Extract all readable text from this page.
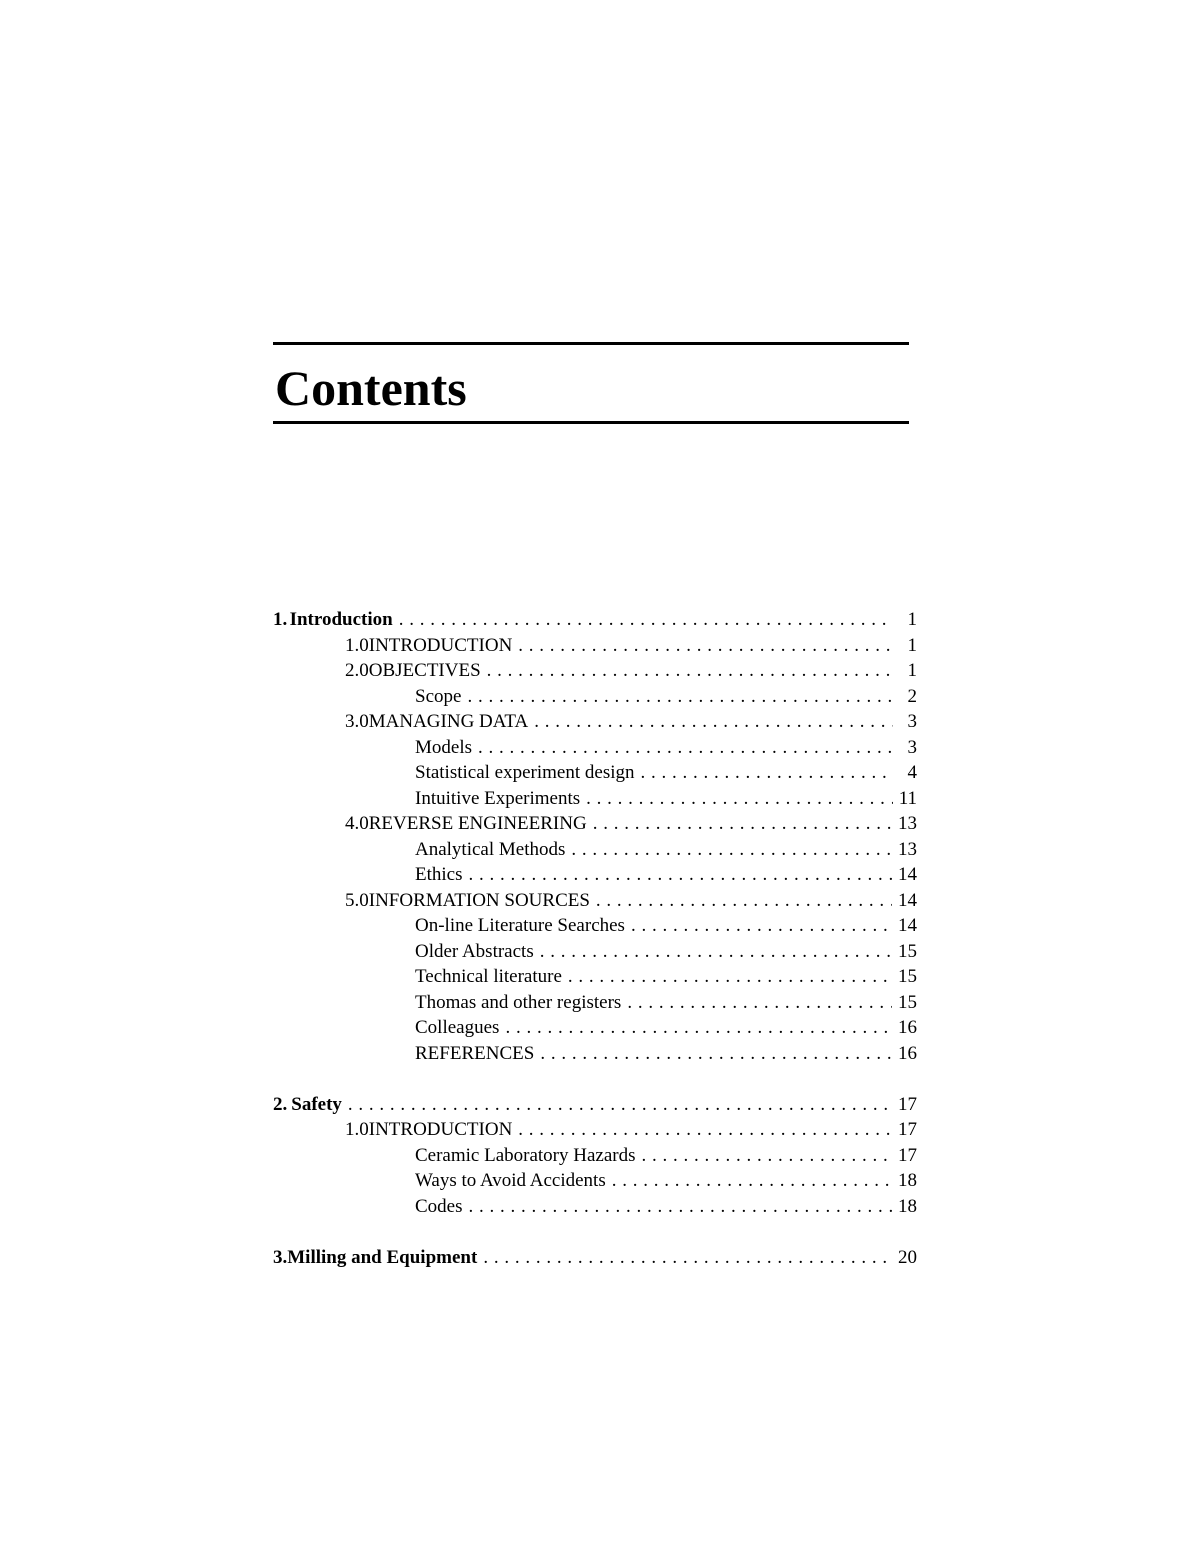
Contents
1. Introduction . . .	1
1.0 INTRODUCTION . . .	1
2.0 OBJECTIVES . . .	1
Scope . . .	2
3.0 MANAGING DATA . . .	3
Models . . .	3
Statistical experiment design . . .	4
Intuitive Experiments . . .	11
4.0 REVERSE ENGINEERING . . .	13
Analytical Methods . . .	13
Ethics . . .	14
5.0 INFORMATION SOURCES . . .	14
On-line Literature Searches . . .	14
Older Abstracts . . .	15
Technical literature . . .	15
Thomas and other registers . . .	15
Colleagues . . .	16
REFERENCES . . .	16
2. Safety . . .	17
1.0 INTRODUCTION . . .	17
Ceramic Laboratory Hazards . . .	17
Ways to Avoid Accidents . . .	18
Codes . . .	18
3. Milling and Equipment . . .	20
